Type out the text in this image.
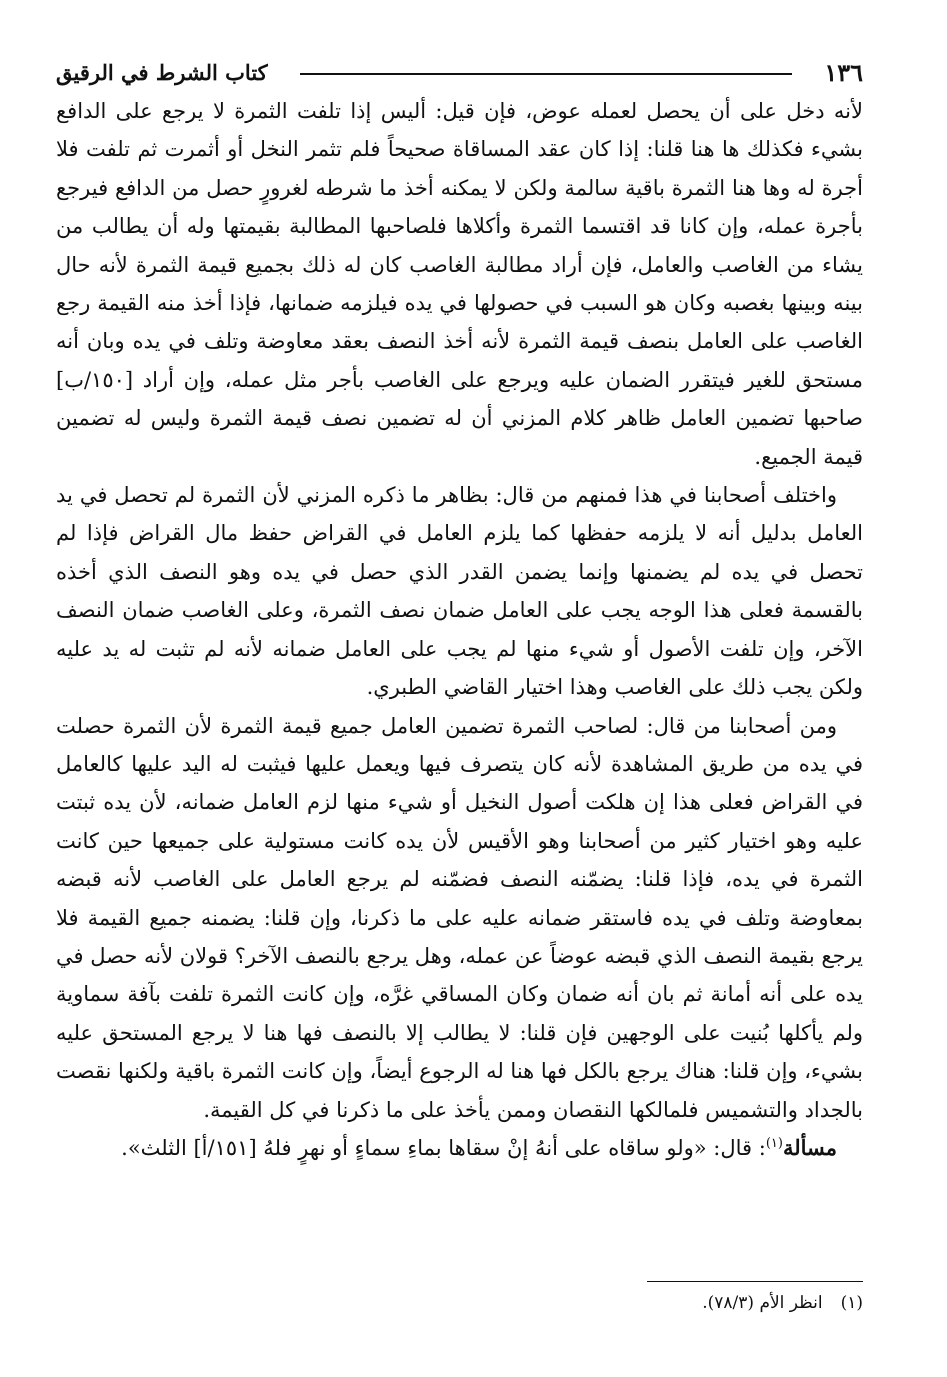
١٣٦
كتاب الشرط في الرقيق

لأنه دخل على أن يحصل لعمله عوض، فإن قيل: أليس إذا تلفت الثمرة لا يرجع على الدافع بشيء فكذلك ها هنا قلنا: إذا كان عقد المساقاة صحيحاً فلم تثمر النخل أو أثمرت ثم تلفت فلا أجرة له وها هنا الثمرة باقية سالمة ولكن لا يمكنه أخذ ما شرطه لغرورٍ حصل من الدافع فيرجع بأجرة عمله، وإن كانا قد اقتسما الثمرة وأكلاها فلصاحبها المطالبة بقيمتها وله أن يطالب من يشاء من الغاصب والعامل، فإن أراد مطالبة الغاصب كان له ذلك بجميع قيمة الثمرة لأنه حال بينه وبينها بغصبه وكان هو السبب في حصولها في يده فيلزمه ضمانها، فإذا أخذ منه القيمة رجع الغاصب على العامل بنصف قيمة الثمرة لأنه أخذ النصف بعقد معاوضة وتلف في يده وبان أنه مستحق للغير فيتقرر الضمان عليه ويرجع على الغاصب بأجر مثل عمله، وإن أراد [١٥٠/ب] صاحبها تضمين العامل ظاهر كلام المزني أن له تضمين نصف قيمة الثمرة وليس له تضمين قيمة الجميع.

واختلف أصحابنا في هذا فمنهم من قال: بظاهر ما ذكره المزني لأن الثمرة لم تحصل في يد العامل بدليل أنه لا يلزمه حفظها كما يلزم العامل في القراض حفظ مال القراض فإذا لم تحصل في يده لم يضمنها وإنما يضمن القدر الذي حصل في يده وهو النصف الذي أخذه بالقسمة فعلى هذا الوجه يجب على العامل ضمان نصف الثمرة، وعلى الغاصب ضمان النصف الآخر، وإن تلفت الأصول أو شيء منها لم يجب على العامل ضمانه لأنه لم تثبت له يد عليه ولكن يجب ذلك على الغاصب وهذا اختيار القاضي الطبري.

ومن أصحابنا من قال: لصاحب الثمرة تضمين العامل جميع قيمة الثمرة لأن الثمرة حصلت في يده من طريق المشاهدة لأنه كان يتصرف فيها ويعمل عليها فيثبت له اليد عليها كالعامل في القراض فعلى هذا إن هلكت أصول النخيل أو شيء منها لزم العامل ضمانه، لأن يده ثبتت عليه وهو اختيار كثير من أصحابنا وهو الأقيس لأن يده كانت مستولية على جميعها حين كانت الثمرة في يده، فإذا قلنا: يضمّنه النصف فضمّنه لم يرجع العامل على الغاصب لأنه قبضه بمعاوضة وتلف في يده فاستقر ضمانه عليه على ما ذكرنا، وإن قلنا: يضمنه جميع القيمة فلا يرجع بقيمة النصف الذي قبضه عوضاً عن عمله، وهل يرجع بالنصف الآخر؟ قولان لأنه حصل في يده على أنه أمانة ثم بان أنه ضمان وكان المساقي غرَّه، وإن كانت الثمرة تلفت بآفة سماوية ولم يأكلها بُنيت على الوجهين فإن قلنا: لا يطالب إلا بالنصف فها هنا لا يرجع المستحق عليه بشيء، وإن قلنا: هناك يرجع بالكل فها هنا له الرجوع أيضاً، وإن كانت الثمرة باقية ولكنها نقصت بالجداد والتشميس فلمالكها النقصان وممن يأخذ على ما ذكرنا في كل القيمة.

مسألة$^{(١)}$: قال: «ولو ساقاه على أنهُ إنْ سقاها بماءِ سماءٍ أو نهرٍ فلهُ [١٥١/أ] الثلث».

(١)انظر الأم (٧٨/٣).
